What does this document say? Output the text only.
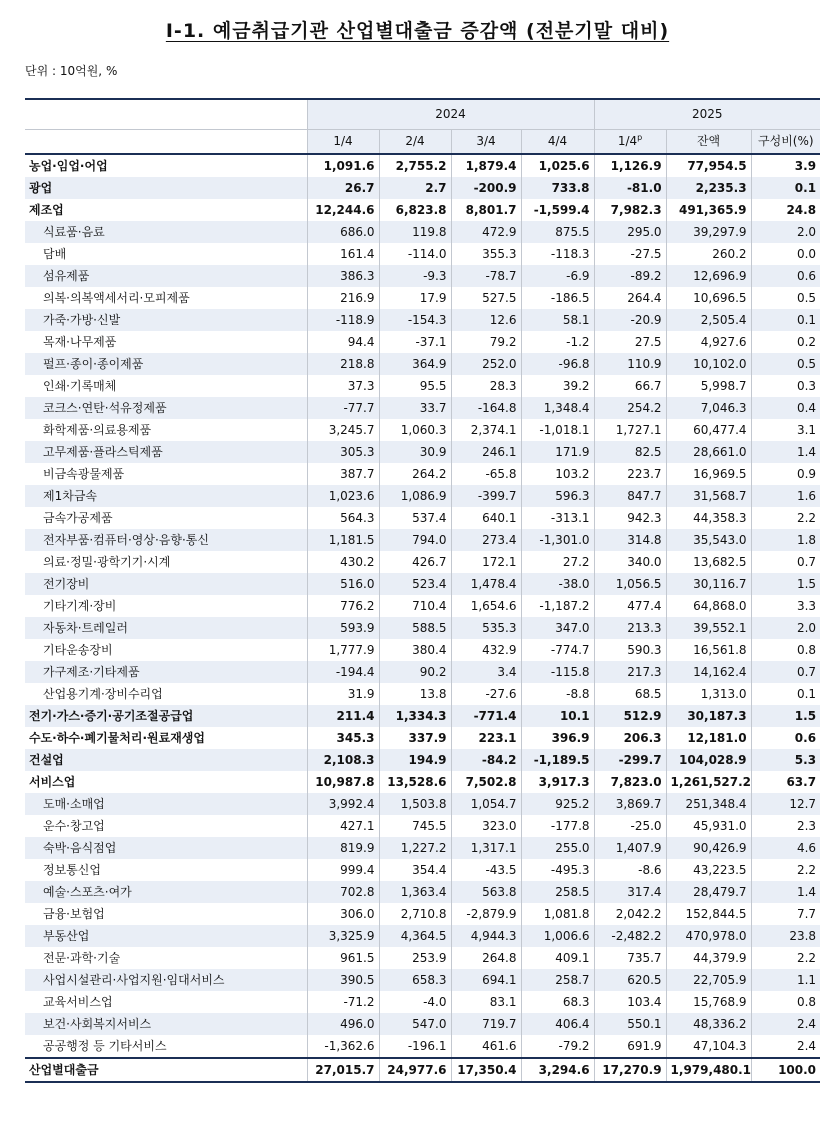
Ⅰ-1. 예금취급기관 산업별대출금 증감액 (전분기말 대비)
단위 : 10억원, %
	2024				2025		
	1/4	2/4	3/4	4/4	1/4$^p$	잔액	구성비(%)
농업·임업·어업	1,091.6	2,755.2	1,879.4	1,025.6	1,126.9	77,954.5	3.9
광업	26.7	2.7	-200.9	733.8	-81.0	2,235.3	0.1
제조업	12,244.6	6,823.8	8,801.7	-1,599.4	7,982.3	491,365.9	24.8
식료품·음료	686.0	119.8	472.9	875.5	295.0	39,297.9	2.0
담배	161.4	-114.0	355.3	-118.3	-27.5	260.2	0.0
섬유제품	386.3	-9.3	-78.7	-6.9	-89.2	12,696.9	0.6
의복·의복액세서리·모피제품	216.9	17.9	527.5	-186.5	264.4	10,696.5	0.5
가죽·가방·신발	-118.9	-154.3	12.6	58.1	-20.9	2,505.4	0.1
목재·나무제품	94.4	-37.1	79.2	-1.2	27.5	4,927.6	0.2
펄프·종이·종이제품	218.8	364.9	252.0	-96.8	110.9	10,102.0	0.5
인쇄·기록매체	37.3	95.5	28.3	39.2	66.7	5,998.7	0.3
코크스·연탄·석유정제품	-77.7	33.7	-164.8	1,348.4	254.2	7,046.3	0.4
화학제품·의료용제품	3,245.7	1,060.3	2,374.1	-1,018.1	1,727.1	60,477.4	3.1
고무제품·플라스틱제품	305.3	30.9	246.1	171.9	82.5	28,661.0	1.4
비금속광물제품	387.7	264.2	-65.8	103.2	223.7	16,969.5	0.9
제1차금속	1,023.6	1,086.9	-399.7	596.3	847.7	31,568.7	1.6
금속가공제품	564.3	537.4	640.1	-313.1	942.3	44,358.3	2.2
전자부품·컴퓨터·영상·음향·통신	1,181.5	794.0	273.4	-1,301.0	314.8	35,543.0	1.8
의료·정밀·광학기기·시계	430.2	426.7	172.1	27.2	340.0	13,682.5	0.7
전기장비	516.0	523.4	1,478.4	-38.0	1,056.5	30,116.7	1.5
기타기계·장비	776.2	710.4	1,654.6	-1,187.2	477.4	64,868.0	3.3
자동차·트레일러	593.9	588.5	535.3	347.0	213.3	39,552.1	2.0
기타운송장비	1,777.9	380.4	432.9	-774.7	590.3	16,561.8	0.8
가구제조·기타제품	-194.4	90.2	3.4	-115.8	217.3	14,162.4	0.7
산업용기계·장비수리업	31.9	13.8	-27.6	-8.8	68.5	1,313.0	0.1
전기·가스·증기·공기조절공급업	211.4	1,334.3	-771.4	10.1	512.9	30,187.3	1.5
수도·하수·폐기물처리·원료재생업	345.3	337.9	223.1	396.9	206.3	12,181.0	0.6
건설업	2,108.3	194.9	-84.2	-1,189.5	-299.7	104,028.9	5.3
서비스업	10,987.8	13,528.6	7,502.8	3,917.3	7,823.0	1,261,527.2	63.7
도매·소매업	3,992.4	1,503.8	1,054.7	925.2	3,869.7	251,348.4	12.7
운수·창고업	427.1	745.5	323.0	-177.8	-25.0	45,931.0	2.3
숙박·음식점업	819.9	1,227.2	1,317.1	255.0	1,407.9	90,426.9	4.6
정보통신업	999.4	354.4	-43.5	-495.3	-8.6	43,223.5	2.2
예술·스포츠·여가	702.8	1,363.4	563.8	258.5	317.4	28,479.7	1.4
금융·보험업	306.0	2,710.8	-2,879.9	1,081.8	2,042.2	152,844.5	7.7
부동산업	3,325.9	4,364.5	4,944.3	1,006.6	-2,482.2	470,978.0	23.8
전문·과학·기술	961.5	253.9	264.8	409.1	735.7	44,379.9	2.2
사업시설관리·사업지원·임대서비스	390.5	658.3	694.1	258.7	620.5	22,705.9	1.1
교육서비스업	-71.2	-4.0	83.1	68.3	103.4	15,768.9	0.8
보건·사회복지서비스	496.0	547.0	719.7	406.4	550.1	48,336.2	2.4
공공행정 등 기타서비스	-1,362.6	-196.1	461.6	-79.2	691.9	47,104.3	2.4
산업별대출금	27,015.7	24,977.6	17,350.4	3,294.6	17,270.9	1,979,480.1	100.0
